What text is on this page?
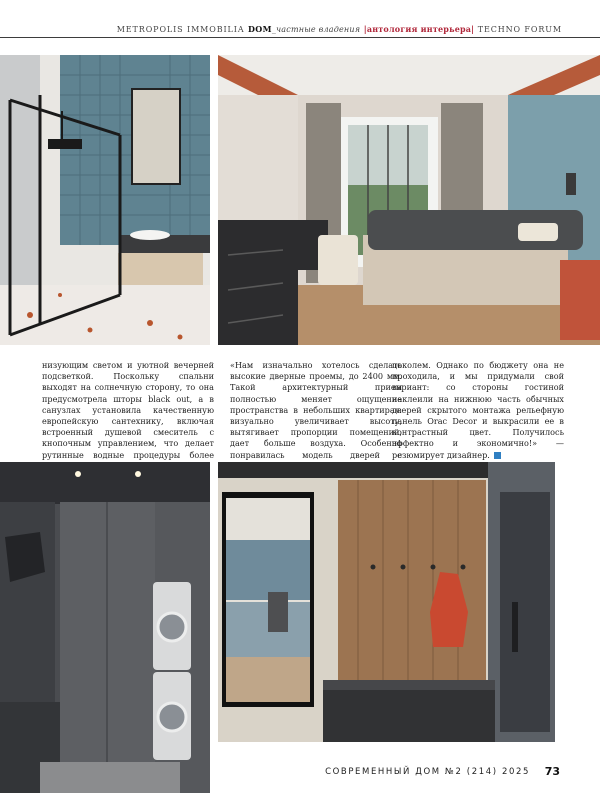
METROPOLIS IMMOBILIA DOM_частные владения |антология интерьера| TECHNO FORUM
низующим светом и уютной вечерней подсветкой. Поскольку спальни выходят на солнечную сторону, то она предусмотрела шторы black out, а в санузлах установила качественную европейскую сантехнику, включая встроенный душевой смеситель с кнопочным управлением, что делает рутинные водные процедуры более
«Нам изначально хотелось сделать высокие дверные проемы, до 2400 мм. Такой архитектурный прием полностью меняет ощущение пространства в небольших квартирах: визуально увеличивает высоту, вытягивает пропорции помещений, дает больше воздуха. Особенно понравилась модель дверей с
цоколем. Однако по бюджету она не проходила, и мы придумали свой вариант: со стороны гостиной наклеили на нижнюю часть обычных дверей скрытого монтажа рельефную панель Orac Decor и выкрасили ее в контрастный цвет. Получилось эффектно и экономично!» — резюмирует дизайнер.
СОВРЕМЕННЫЙ ДОМ №2 (214) 2025 73
